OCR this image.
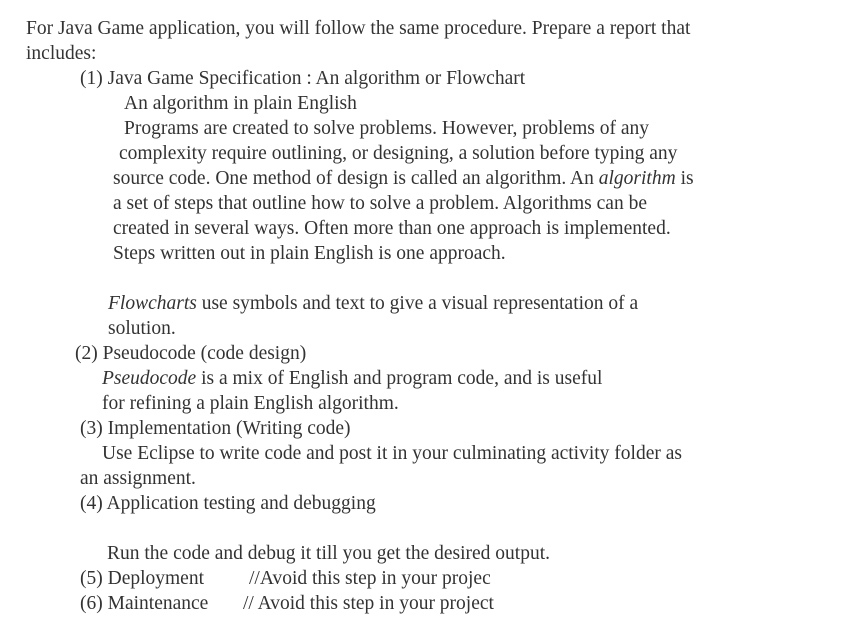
For Java Game application, you will follow the same procedure. Prepare a report that
includes:
(1) Java Game Specification : An algorithm or Flowchart
An algorithm in plain English
Programs are created to solve problems. However, problems of any
complexity require outlining, or designing, a solution before typing any
source code. One method of design is called an algorithm. An algorithm is
a set of steps that outline how to solve a problem. Algorithms can be
created in several ways. Often more than one approach is implemented.
Steps written out in plain English is one approach.
Flowcharts use symbols and text to give a visual representation of a
solution.
(2) Pseudocode (code design)
Pseudocode is a mix of English and program code, and is useful
for refining a plain English algorithm.
(3) Implementation (Writing code)
Use Eclipse to write code and post it in your culminating activity folder as
an assignment.
(4) Application testing and debugging
Run the code and debug it till you get the desired output.
(5) Deployment //Avoid this step in your projec
(6) Maintenance // Avoid this step in your project
